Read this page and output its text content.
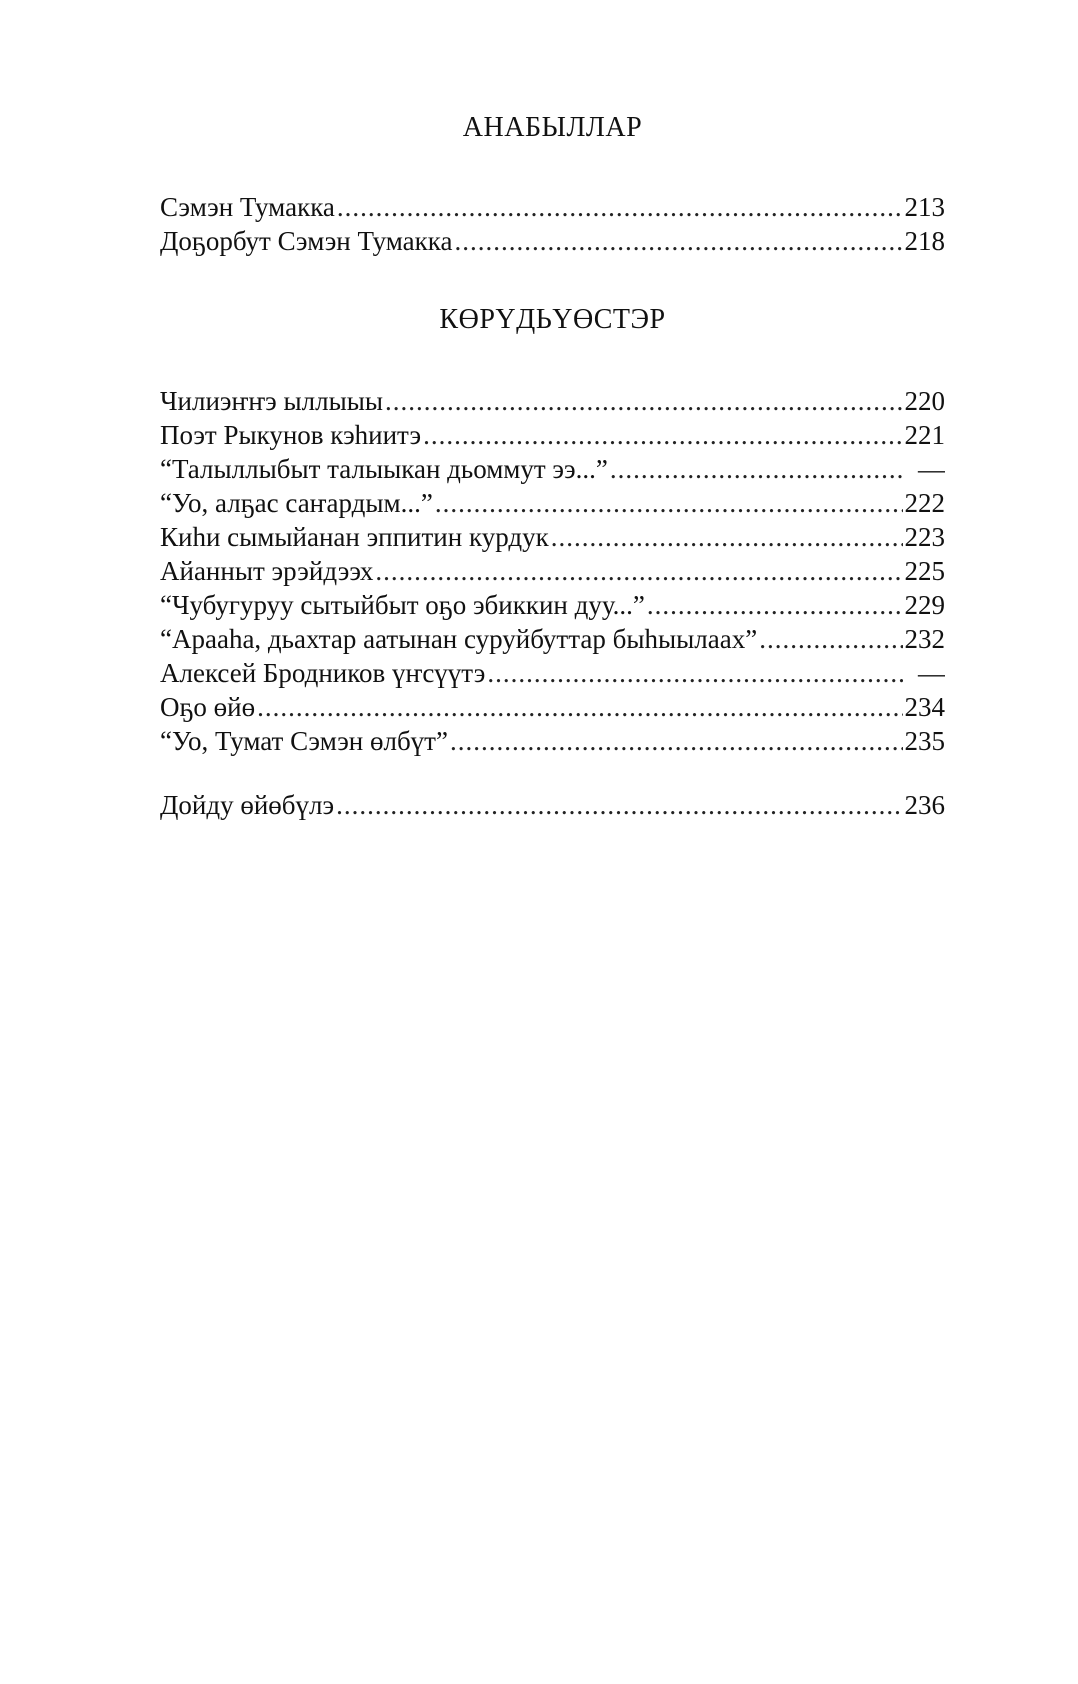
АНАБЫЛЛАР
Сэмэн Тумакка .....	213
Доҕорбут Сэмэн Тумакка .....	218
КӨРҮДЬҮӨСТЭР
Чилиэҥҥэ ыллыыы .....	220
Поэт Рыкунов кэһиитэ .....	221
“Талыллыбыт талыыкан дьоммут ээ...” .....	—
“Уо, алҕас саҥардым...” .....	222
Киһи сымыйанан эппитин курдук .....	223
Айанныт эрэйдээх .....	225
“Чубугуруу сытыйбыт оҕо эбиккин дуу...” .....	229
“Арааһа, дьахтар аатынан суруйбуттар быһыылаах” .....	232
Алексей Бродников үҥсүүтэ .....	—
Оҕо өйө .....	234
“Уо, Тумат Сэмэн өлбүт” .....	235
Дойду өйөбүлэ .....	236
